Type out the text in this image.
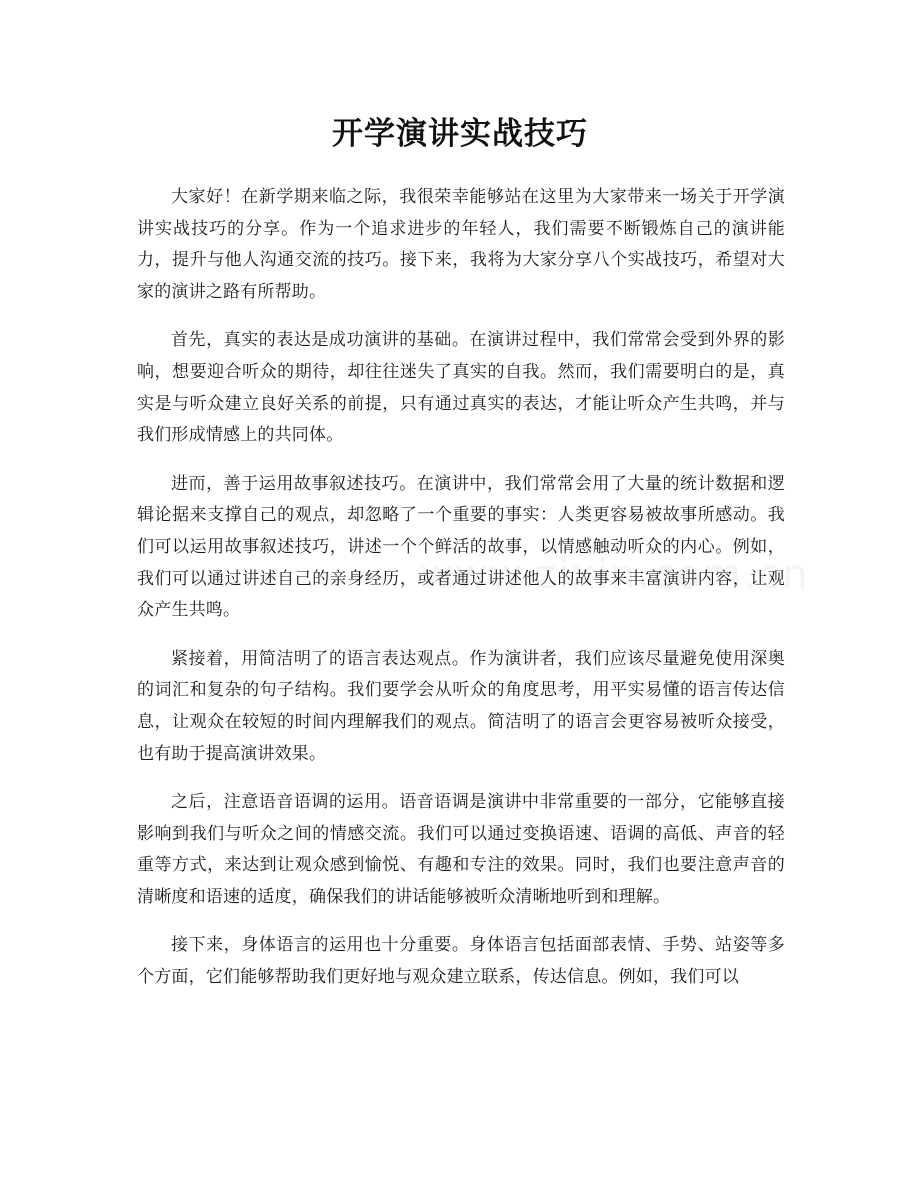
开学演讲实战技巧

大家好！在新学期来临之际，我很荣幸能够站在这里为大家带来一场关于开学演讲实战技巧的分享。作为一个追求进步的年轻人，我们需要不断锻炼自己的演讲能力，提升与他人沟通交流的技巧。接下来，我将为大家分享八个实战技巧，希望对大家的演讲之路有所帮助。

首先，真实的表达是成功演讲的基础。在演讲过程中，我们常常会受到外界的影响，想要迎合听众的期待，却往往迷失了真实的自我。然而，我们需要明白的是，真实是与听众建立良好关系的前提，只有通过真实的表达，才能让听众产生共鸣，并与我们形成情感上的共同体。

进而，善于运用故事叙述技巧。在演讲中，我们常常会用了大量的统计数据和逻辑论据来支撑自己的观点，却忽略了一个重要的事实：人类更容易被故事所感动。我们可以运用故事叙述技巧，讲述一个个鲜活的故事，以情感触动听众的内心。例如，我们可以通过讲述自己的亲身经历，或者通过讲述他人的故事来丰富演讲内容，让观众产生共鸣。

紧接着，用简洁明了的语言表达观点。作为演讲者，我们应该尽量避免使用深奥的词汇和复杂的句子结构。我们要学会从听众的角度思考，用平实易懂的语言传达信息，让观众在较短的时间内理解我们的观点。简洁明了的语言会更容易被听众接受，也有助于提高演讲效果。

之后，注意语音语调的运用。语音语调是演讲中非常重要的一部分，它能够直接影响到我们与听众之间的情感交流。我们可以通过变换语速、语调的高低、声音的轻重等方式，来达到让观众感到愉悦、有趣和专注的效果。同时，我们也要注意声音的清晰度和语速的适度，确保我们的讲话能够被听众清晰地听到和理解。

接下来，身体语言的运用也十分重要。身体语言包括面部表情、手势、站姿等多个方面，它们能够帮助我们更好地与观众建立联系，传达信息。例如，我们可以
